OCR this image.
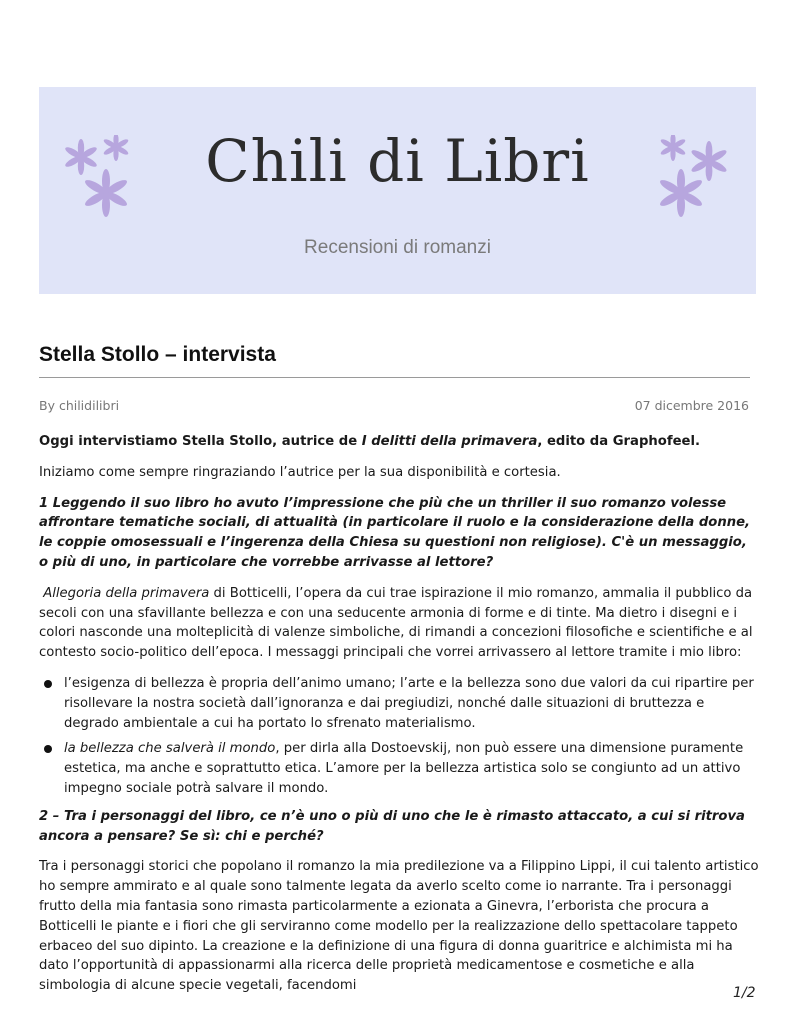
Chili di Libri
Recensioni di romanzi
Stella Stollo – intervista
By chilidilibri	07 dicembre 2016

Oggi intervistiamo Stella Stollo, autrice de I delitti della primavera, edito da Graphofeel.

Iniziamo come sempre ringraziando l’autrice per la sua disponibilità e cortesia.

1 Leggendo il suo libro ho avuto l’impressione che più che un thriller il suo romanzo volesse affrontare tematiche sociali, di attualità (in particolare il ruolo e la considerazione della donne, le coppie omosessuali e l’ingerenza della Chiesa su questioni non religiose). C'è un messaggio, o più di uno, in particolare che vorrebbe arrivasse al lettore?

Allegoria della primavera di Botticelli, l’opera da cui trae ispirazione il mio romanzo, ammalia il pubblico da secoli con una sfavillante bellezza e con una seducente armonia di forme e di tinte. Ma dietro i disegni e i colori nasconde una molteplicità di valenze simboliche, di rimandi a concezioni filosofiche e scientifiche e al contesto socio-politico dell’epoca. I messaggi principali che vorrei arrivassero al lettore tramite i mio libro:

l’esigenza di bellezza è propria dell’animo umano; l’arte e la bellezza sono due valori da cui ripartire per risollevare la nostra società dall’ignoranza e dai pregiudizi, nonché dalle situazioni di bruttezza e degrado ambientale a cui ha portato lo sfrenato materialismo.
la bellezza che salverà il mondo, per dirla alla Dostoevskij, non può essere una dimensione puramente estetica, ma anche e soprattutto etica. L’amore per la bellezza artistica solo se congiunto ad un attivo impegno sociale potrà salvare il mondo.

2 – Tra i personaggi del libro, ce n’è uno o più di uno che le è rimasto attaccato, a cui si ritrova ancora a pensare? Se sì: chi e perché?

Tra i personaggi storici che popolano il romanzo la mia predilezione va a Filippino Lippi, il cui talento artistico ho sempre ammirato e al quale sono talmente legata da averlo scelto come io narrante. Tra i personaggi frutto della mia fantasia sono rimasta particolarmente a ezionata a Ginevra, l’erborista che procura a Botticelli le piante e i fiori che gli serviranno come modello per la realizzazione dello spettacolare tappeto erbaceo del suo dipinto. La creazione e la definizione di una figura di donna guaritrice e alchimista mi ha dato l’opportunità di appassionarmi alla ricerca delle proprietà medicamentose e cosmetiche e alla simbologia di alcune specie vegetali, facendomi	1/2
